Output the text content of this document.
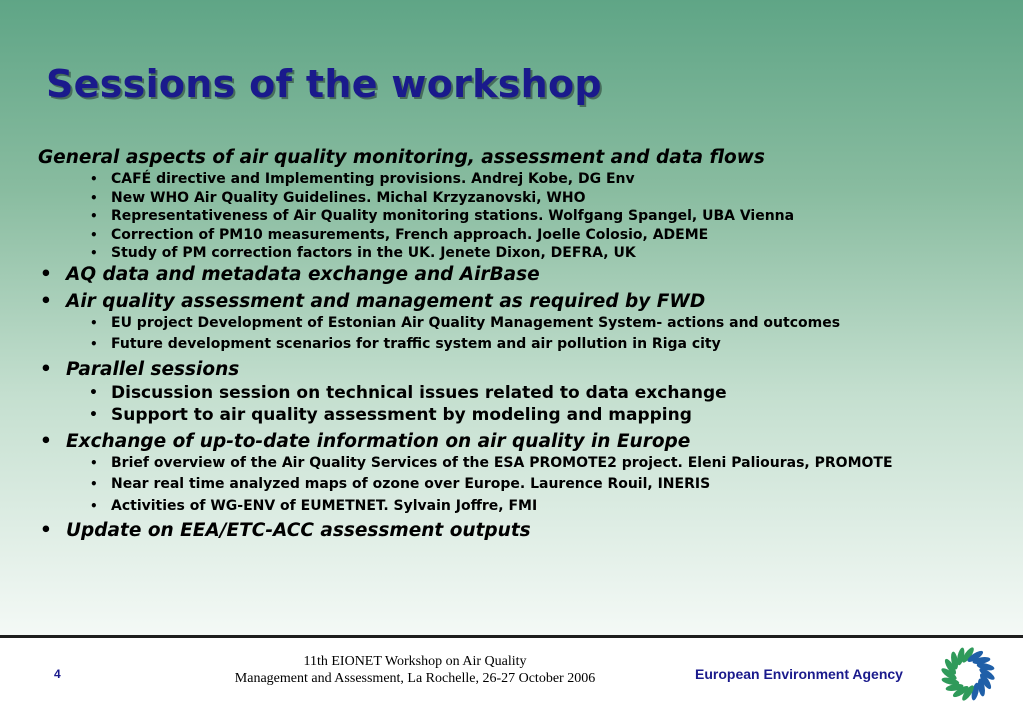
Sessions of the workshop
General aspects of air quality monitoring, assessment and data flows
• CAFÉ directive and Implementing provisions. Andrej Kobe, DG Env
• New WHO Air Quality Guidelines. Michal Krzyzanovski, WHO
• Representativeness of Air Quality monitoring stations. Wolfgang Spangel, UBA Vienna
• Correction of PM10 measurements, French approach. Joelle Colosio, ADEME
• Study of PM correction factors in the UK. Jenete Dixon, DEFRA, UK
• AQ data and metadata exchange and AirBase
• Air quality assessment and management as required by FWD
• EU project Development of Estonian Air Quality Management System- actions and outcomes
• Future development scenarios for traffic system and air pollution in Riga city
• Parallel sessions
• Discussion session on technical issues related to data exchange
• Support to air quality assessment by modeling and mapping
• Exchange of up-to-date information on air quality in Europe
• Brief overview of the Air Quality Services of the ESA PROMOTE2 project. Eleni Paliouras, PROMOTE
• Near real time analyzed maps of ozone over Europe. Laurence Rouil, INERIS
• Activities of WG-ENV of EUMETNET. Sylvain Joffre, FMI
• Update on EEA/ETC-ACC assessment outputs
4
11th EIONET Workshop on Air Quality
Management and Assessment, La Rochelle, 26-27 October 2006	European Environment Agency
